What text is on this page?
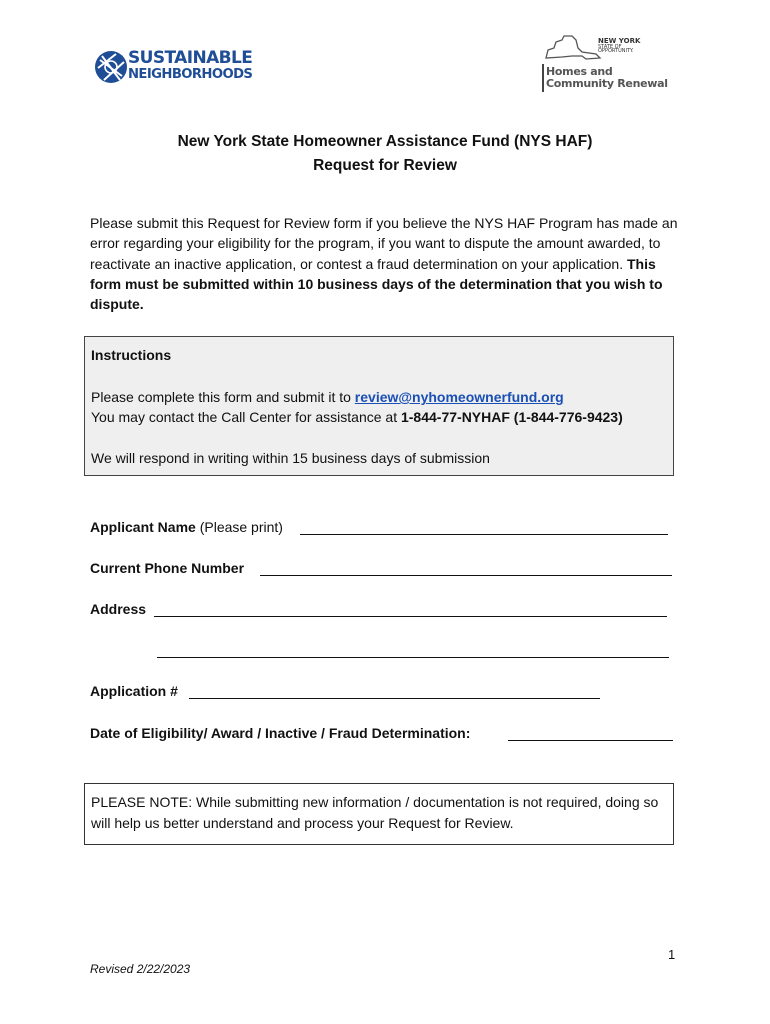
SUSTAINABLE
NEIGHBORHOODS
NEW YORK
STATE OF
OPPORTUNITY.
Homes and
Community Renewal
New York State Homeowner Assistance Fund (NYS HAF)
Request for Review
Please submit this Request for Review form if you believe the NYS HAF Program has made an error regarding your eligibility for the program, if you want to dispute the amount awarded, to reactivate an inactive application, or contest a fraud determination on your application. This form must be submitted within 10 business days of the determination that you wish to dispute.
Instructions
Please complete this form and submit it to review@nyhomeownerfund.org
You may contact the Call Center for assistance at 1-844-77-NYHAF (1-844-776-9423)
We will respond in writing within 15 business days of submission
Applicant Name (Please print)
Current Phone Number
Address
Application #
Date of Eligibility/ Award / Inactive / Fraud Determination:
PLEASE NOTE: While submitting new information / documentation is not required, doing so will help us better understand and process your Request for Review.
1
Revised 2/22/2023
